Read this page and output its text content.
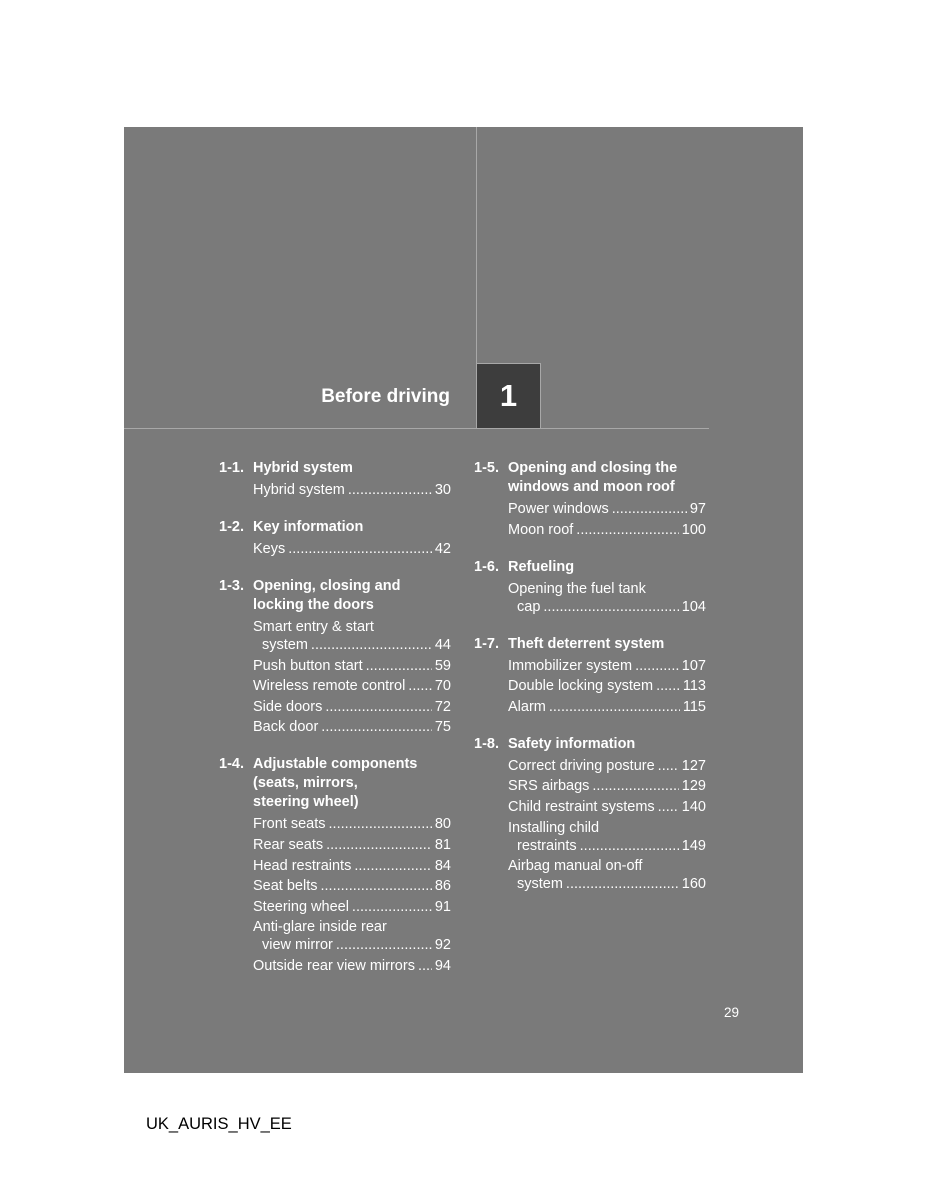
Before driving 1
1-1. Hybrid system
Hybrid system .....	30
1-2. Key information
Keys .....	42
1-3. Opening, closing and
locking the doors
Smart entry & start
system .....	44
Push button start .....	59
Wireless remote control ..... 70
Side doors .....	72
Back door .....	75
1-4. Adjustable components
(seats, mirrors,
steering wheel)
Front seats .....	80
Rear seats .....	81
Head restraints .....	84
Seat belts .....	86
Steering wheel .....	91
Anti-glare inside rear
view mirror .....	92
Outside rear view mirrors ..... 94
1-5. Opening and closing the
windows and moon roof
Power windows .....	97
Moon roof .....	100
1-6. Refueling
Opening the fuel tank
cap .....	104
1-7. Theft deterrent system
Immobilizer system .....	107
Double locking system ..... 113
Alarm .....	115
1-8. Safety information
Correct driving posture ..... 127
SRS airbags .....	129
Child restraint systems ..... 140
Installing child
restraints .....	149
Airbag manual on-off
system .....	160
29
UK_AURIS_HV_EE
